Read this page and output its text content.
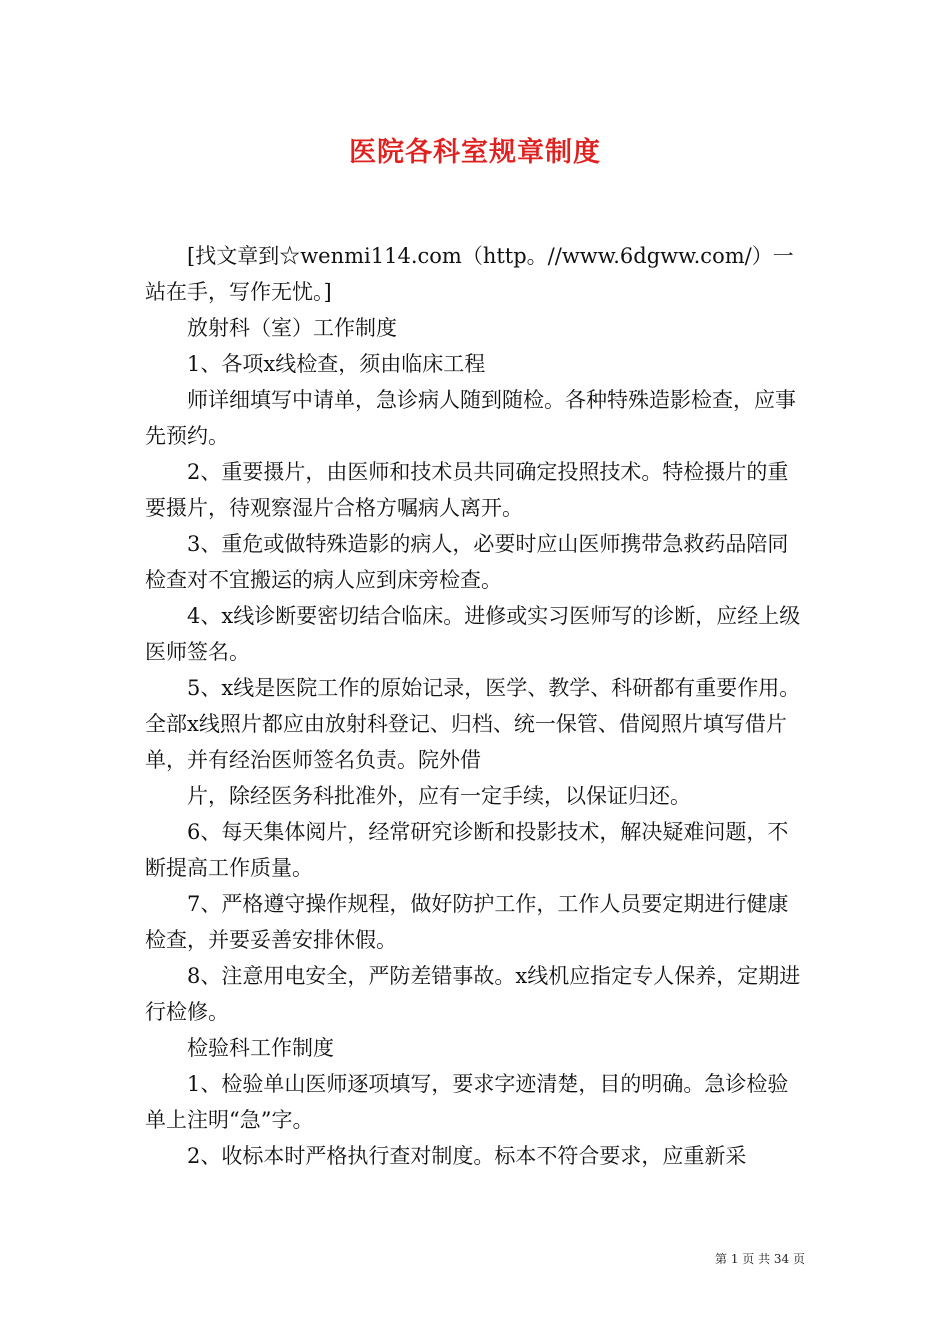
医院各科室规章制度

[找文章到☆wenmi114.com（http。//www.6dgww.com/）一站在手，写作无忧。]

放射科（室）工作制度

1、各项x线检查，须由临床工程

师详细填写中请单，急诊病人随到随检。各种特殊造影检查，应事先预约。

2、重要摄片，由医师和技术员共同确定投照技术。特检摄片的重要摄片，待观察湿片合格方嘱病人离开。

3、重危或做特殊造影的病人，必要时应山医师携带急救药品陪同检查对不宜搬运的病人应到床旁检查。

4、x线诊断要密切结合临床。进修或实习医师写的诊断，应经上级医师签名。

5、x线是医院工作的原始记录，医学、教学、科研都有重要作用。全部x线照片都应由放射科登记、归档、统一保管、借阅照片填写借片单，并有经治医师签名负责。院外借

片，除经医务科批准外，应有一定手续，以保证归还。

6、每天集体阅片，经常研究诊断和投影技术，解决疑难问题，不断提高工作质量。

7、严格遵守操作规程，做好防护工作，工作人员要定期进行健康检查，并要妥善安排休假。

8、注意用电安全，严防差错事故。x线机应指定专人保养，定期进行检修。

检验科工作制度

1、检验单山医师逐项填写，要求字迹清楚，目的明确。急诊检验单上注明“急”字。

2、收标本时严格执行查对制度。标本不符合要求，应重新采

第 1 页 共 34 页
